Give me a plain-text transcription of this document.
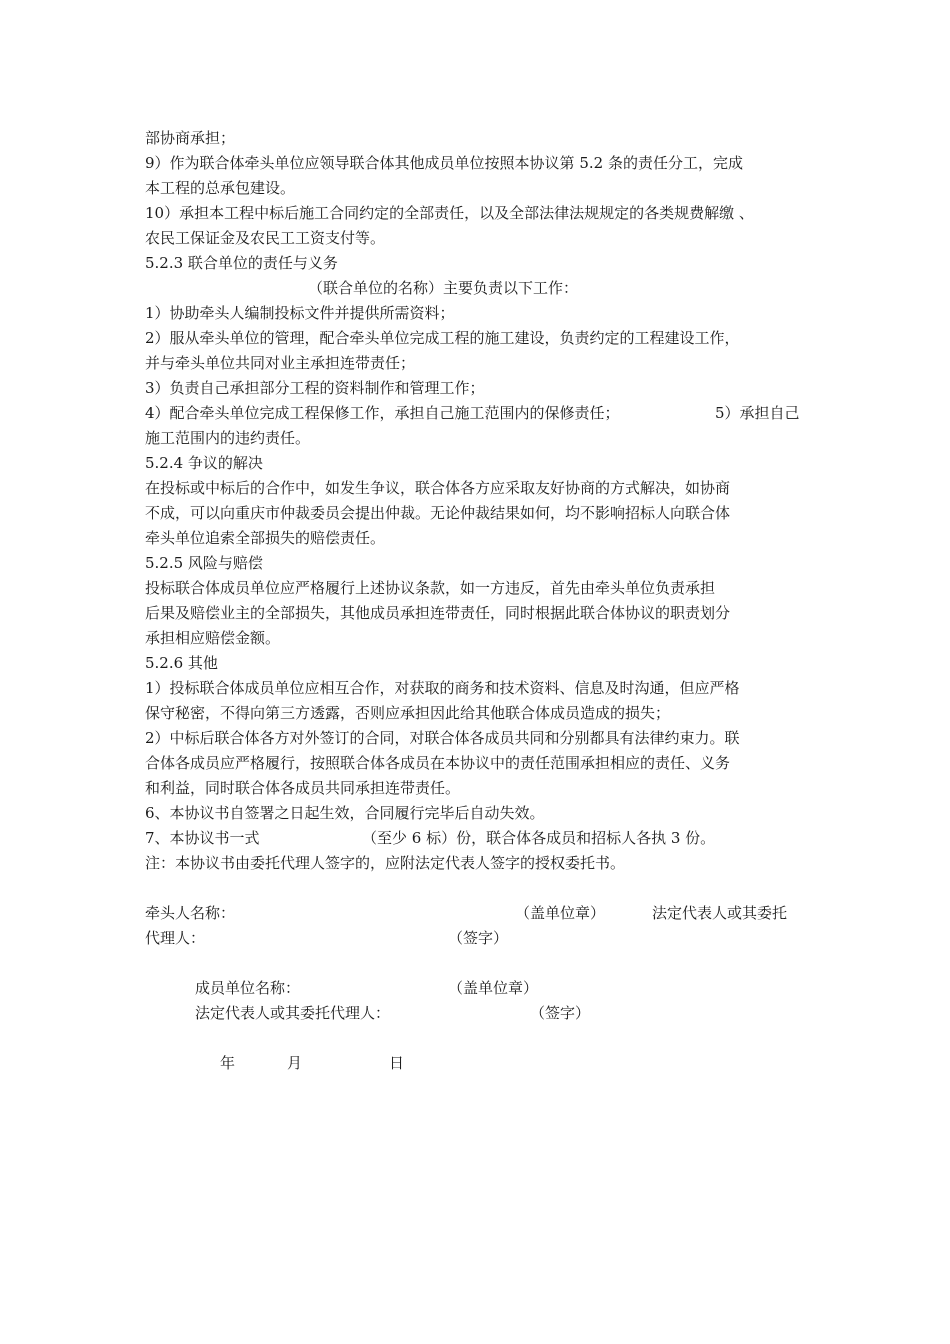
部协商承担；
9）作为联合体牵头单位应领导联合体其他成员单位按照本协议第 5.2 条的责任分工，完成
本工程的总承包建设。
10）承担本工程中标后施工合同约定的全部责任，以及全部法律法规规定的各类规费解缴 、
农民工保证金及农民工工资支付等。
5.2.3 联合单位的责任与义务
（联合单位的名称）主要负责以下工作：
1）协助牵头人编制投标文件并提供所需资料；
2）服从牵头单位的管理，配合牵头单位完成工程的施工建设，负责约定的工程建设工作，
并与牵头单位共同对业主承担连带责任；
3）负责自己承担部分工程的资料制作和管理工作；
4）配合牵头单位完成工程保修工作，承担自己施工范围内的保修责任；	5）承担自己
施工范围内的违约责任。
5.2.4 争议的解决
在投标或中标后的合作中，如发生争议，联合体各方应采取友好协商的方式解决，如协商
不成，可以向重庆市仲裁委员会提出仲裁。无论仲裁结果如何，均不影响招标人向联合体
牵头单位追索全部损失的赔偿责任。
5.2.5 风险与赔偿
投标联合体成员单位应严格履行上述协议条款，如一方违反，首先由牵头单位负责承担
后果及赔偿业主的全部损失，其他成员承担连带责任，同时根据此联合体协议的职责划分
承担相应赔偿金额。
5.2.6 其他
1）投标联合体成员单位应相互合作，对获取的商务和技术资料、信息及时沟通，但应严格
保守秘密，不得向第三方透露，否则应承担因此给其他联合体成员造成的损失；
2）中标后联合体各方对外签订的合同，对联合体各成员共同和分别都具有法律约束力。联
合体各成员应严格履行，按照联合体各成员在本协议中的责任范围承担相应的责任、义务
和利益，同时联合体各成员共同承担连带责任。
6、本协议书自签署之日起生效，合同履行完毕后自动失效。
7、本协议书一式	（至少 6 标）份，联合体各成员和招标人各执 3 份。
注：本协议书由委托代理人签字的，应附法定代表人签字的授权委托书。
牵头人名称：	（盖单位章）	法定代表人或其委托
代理人：	（签字）
成员单位名称：	（盖单位章）
法定代表人或其委托代理人：	（签字）
年	月	日
